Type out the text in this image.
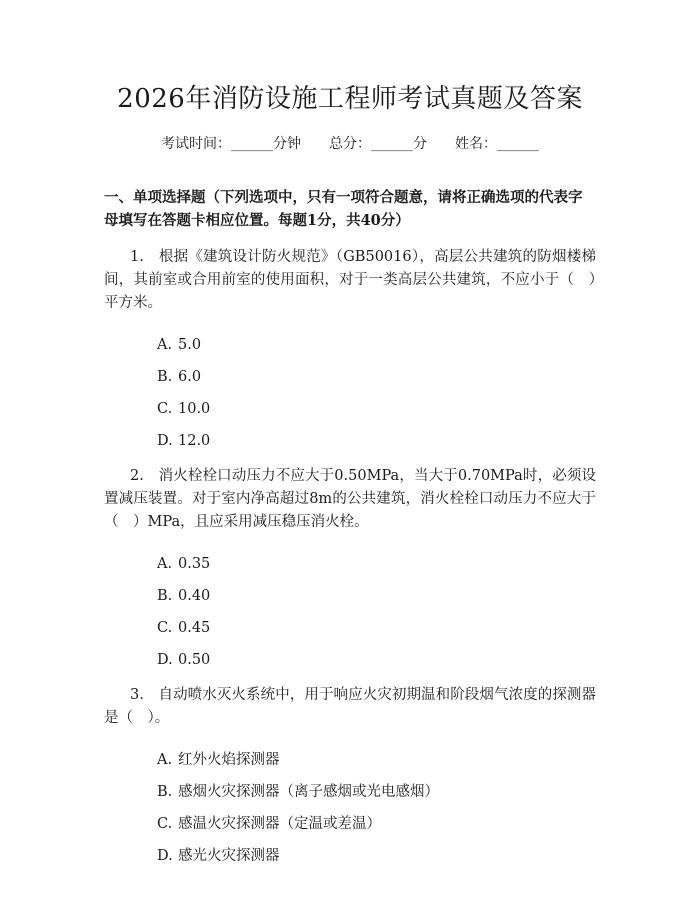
2026年消防设施工程师考试真题及答案
考试时间：______分钟 总分：______分 姓名：______
一、单项选择题（下列选项中，只有一项符合题意，请将正确选项的代表字母填写在答题卡相应位置。每题1分，共40分）
1.　根据《建筑设计防火规范》（GB50016），高层公共建筑的防烟楼梯间，其前室或合用前室的使用面积，对于一类高层公共建筑，不应小于（　）平方米。
A. 5.0
B. 6.0
C. 10.0
D. 12.0
2.　消火栓栓口动压力不应大于0.50MPa，当大于0.70MPa时，必须设置减压装置。对于室内净高超过8m的公共建筑，消火栓栓口动压力不应大于（　）MPa，且应采用减压稳压消火栓。
A. 0.35
B. 0.40
C. 0.45
D. 0.50
3.　自动喷水灭火系统中，用于响应火灾初期温和阶段烟气浓度的探测器是（　）。
A. 红外火焰探测器
B. 感烟火灾探测器（离子感烟或光电感烟）
C. 感温火灾探测器（定温或差温）
D. 感光火灾探测器
